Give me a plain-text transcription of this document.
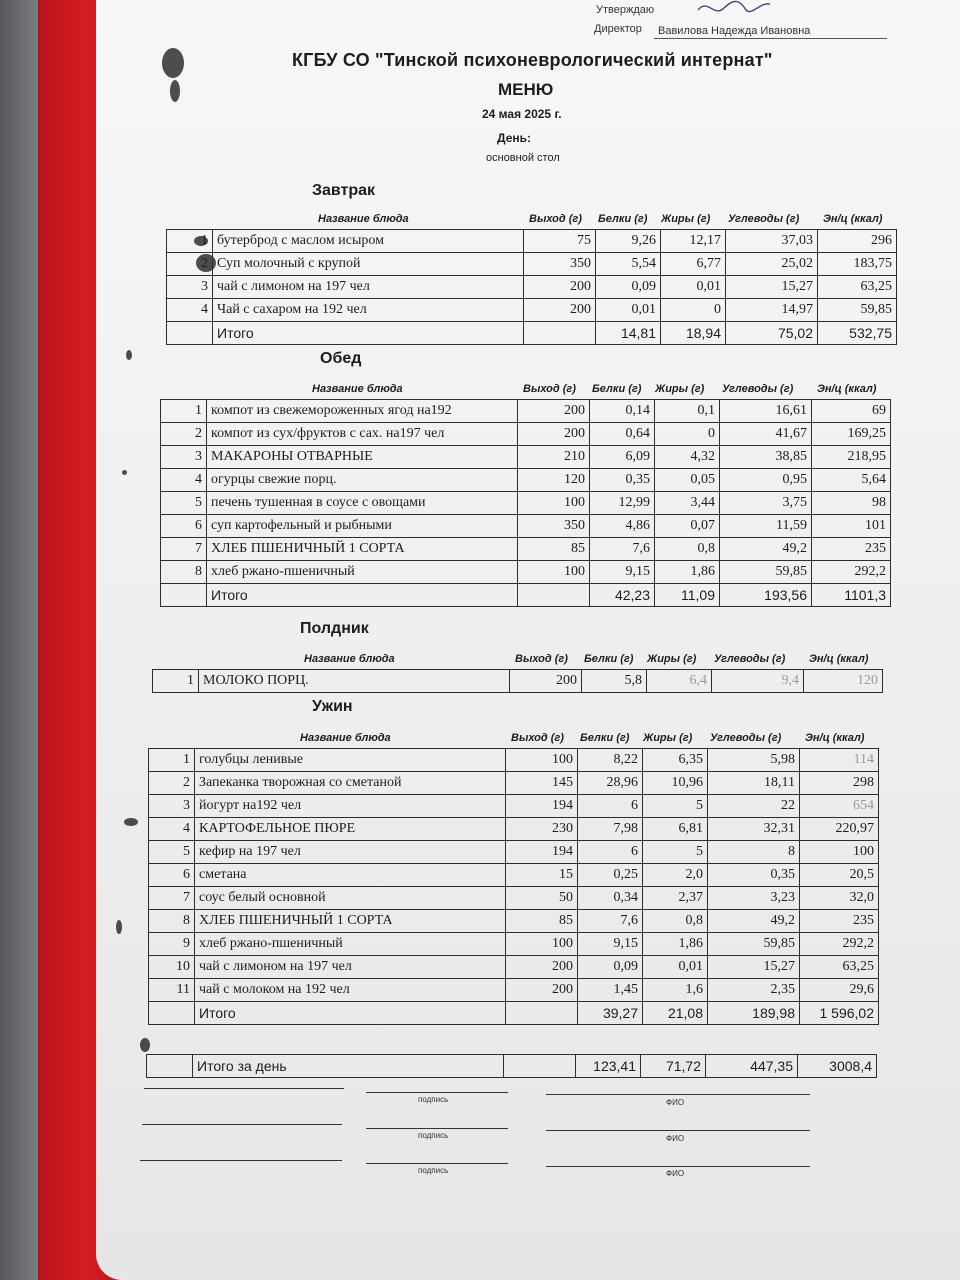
Утверждаю
Директор Вавилова Надежда Ивановна
КГБУ СО "Тинской психоневрологический интернат"
МЕНЮ
24 мая 2025 г.
День:
основной стол
Завтрак
Название блюда	Выход (г) Белки (г) Жиры (г) Углеводы (г) Эн/ц (ккал)
1	бутерброд с маслом исыром	75	9,26	12,17	37,03	296
2	Суп молочный с крупой	350	5,54	6,77	25,02	183,75
3	чай с лимоном на 197 чел	200	0,09	0,01	15,27	63,25
4	Чай с сахаром на 192 чел	200	0,01	0	14,97	59,85
	Итого		14,81	18,94	75,02	532,75
Обед
Название блюда	Выход (г) Белки (г) Жиры (г) Углеводы (г) Эн/ц (ккал)
1	компот из свежемороженных ягод на192	200	0,14	0,1	16,61	69
2	компот из сух/фруктов с сах. на197 чел	200	0,64	0	41,67	169,25
3	МАКАРОНЫ ОТВАРНЫЕ	210	6,09	4,32	38,85	218,95
4	огурцы свежие порц.	120	0,35	0,05	0,95	5,64
5	печень тушенная в соусе с овощами	100	12,99	3,44	3,75	98
6	суп картофельный и рыбными	350	4,86	0,07	11,59	101
7	ХЛЕБ ПШЕНИЧНЫЙ 1 СОРТА	85	7,6	0,8	49,2	235
8	хлеб ржано-пшеничный	100	9,15	1,86	59,85	292,2
	Итого		42,23	11,09	193,56	1101,3
Полдник
Название блюда	Выход (г) Белки (г) Жиры (г) Углеводы (г) Эн/ц (ккал)
1	МОЛОКО ПОРЦ.	200	5,8	6,4	9,4	120
Ужин
Название блюда	Выход (г) Белки (г) Жиры (г) Углеводы (г) Эн/ц (ккал)
1	голубцы ленивые	100	8,22	6,35	5,98	114
2	Запеканка творожная со сметаной	145	28,96	10,96	18,11	298
3	йогурт на192 чел	194	6	5	22	654
4	КАРТОФЕЛЬНОЕ ПЮРЕ	230	7,98	6,81	32,31	220,97
5	кефир на 197 чел	194	6	5	8	100
6	сметана	15	0,25	2,0	0,35	20,5
7	соус белый основной	50	0,34	2,37	3,23	32,0
8	ХЛЕБ ПШЕНИЧНЫЙ 1 СОРТА	85	7,6	0,8	49,2	235
9	хлеб ржано-пшеничный	100	9,15	1,86	59,85	292,2
10	чай с лимоном на 197 чел	200	0,09	0,01	15,27	63,25
11	чай с молоком на 192 чел	200	1,45	1,6	2,35	29,6
	Итого		39,27	21,08	189,98	1 596,02
	Итого за день		123,41	71,72	447,35	3008,4
подпись	ФИО
подпись	ФИО
подпись	ФИО
